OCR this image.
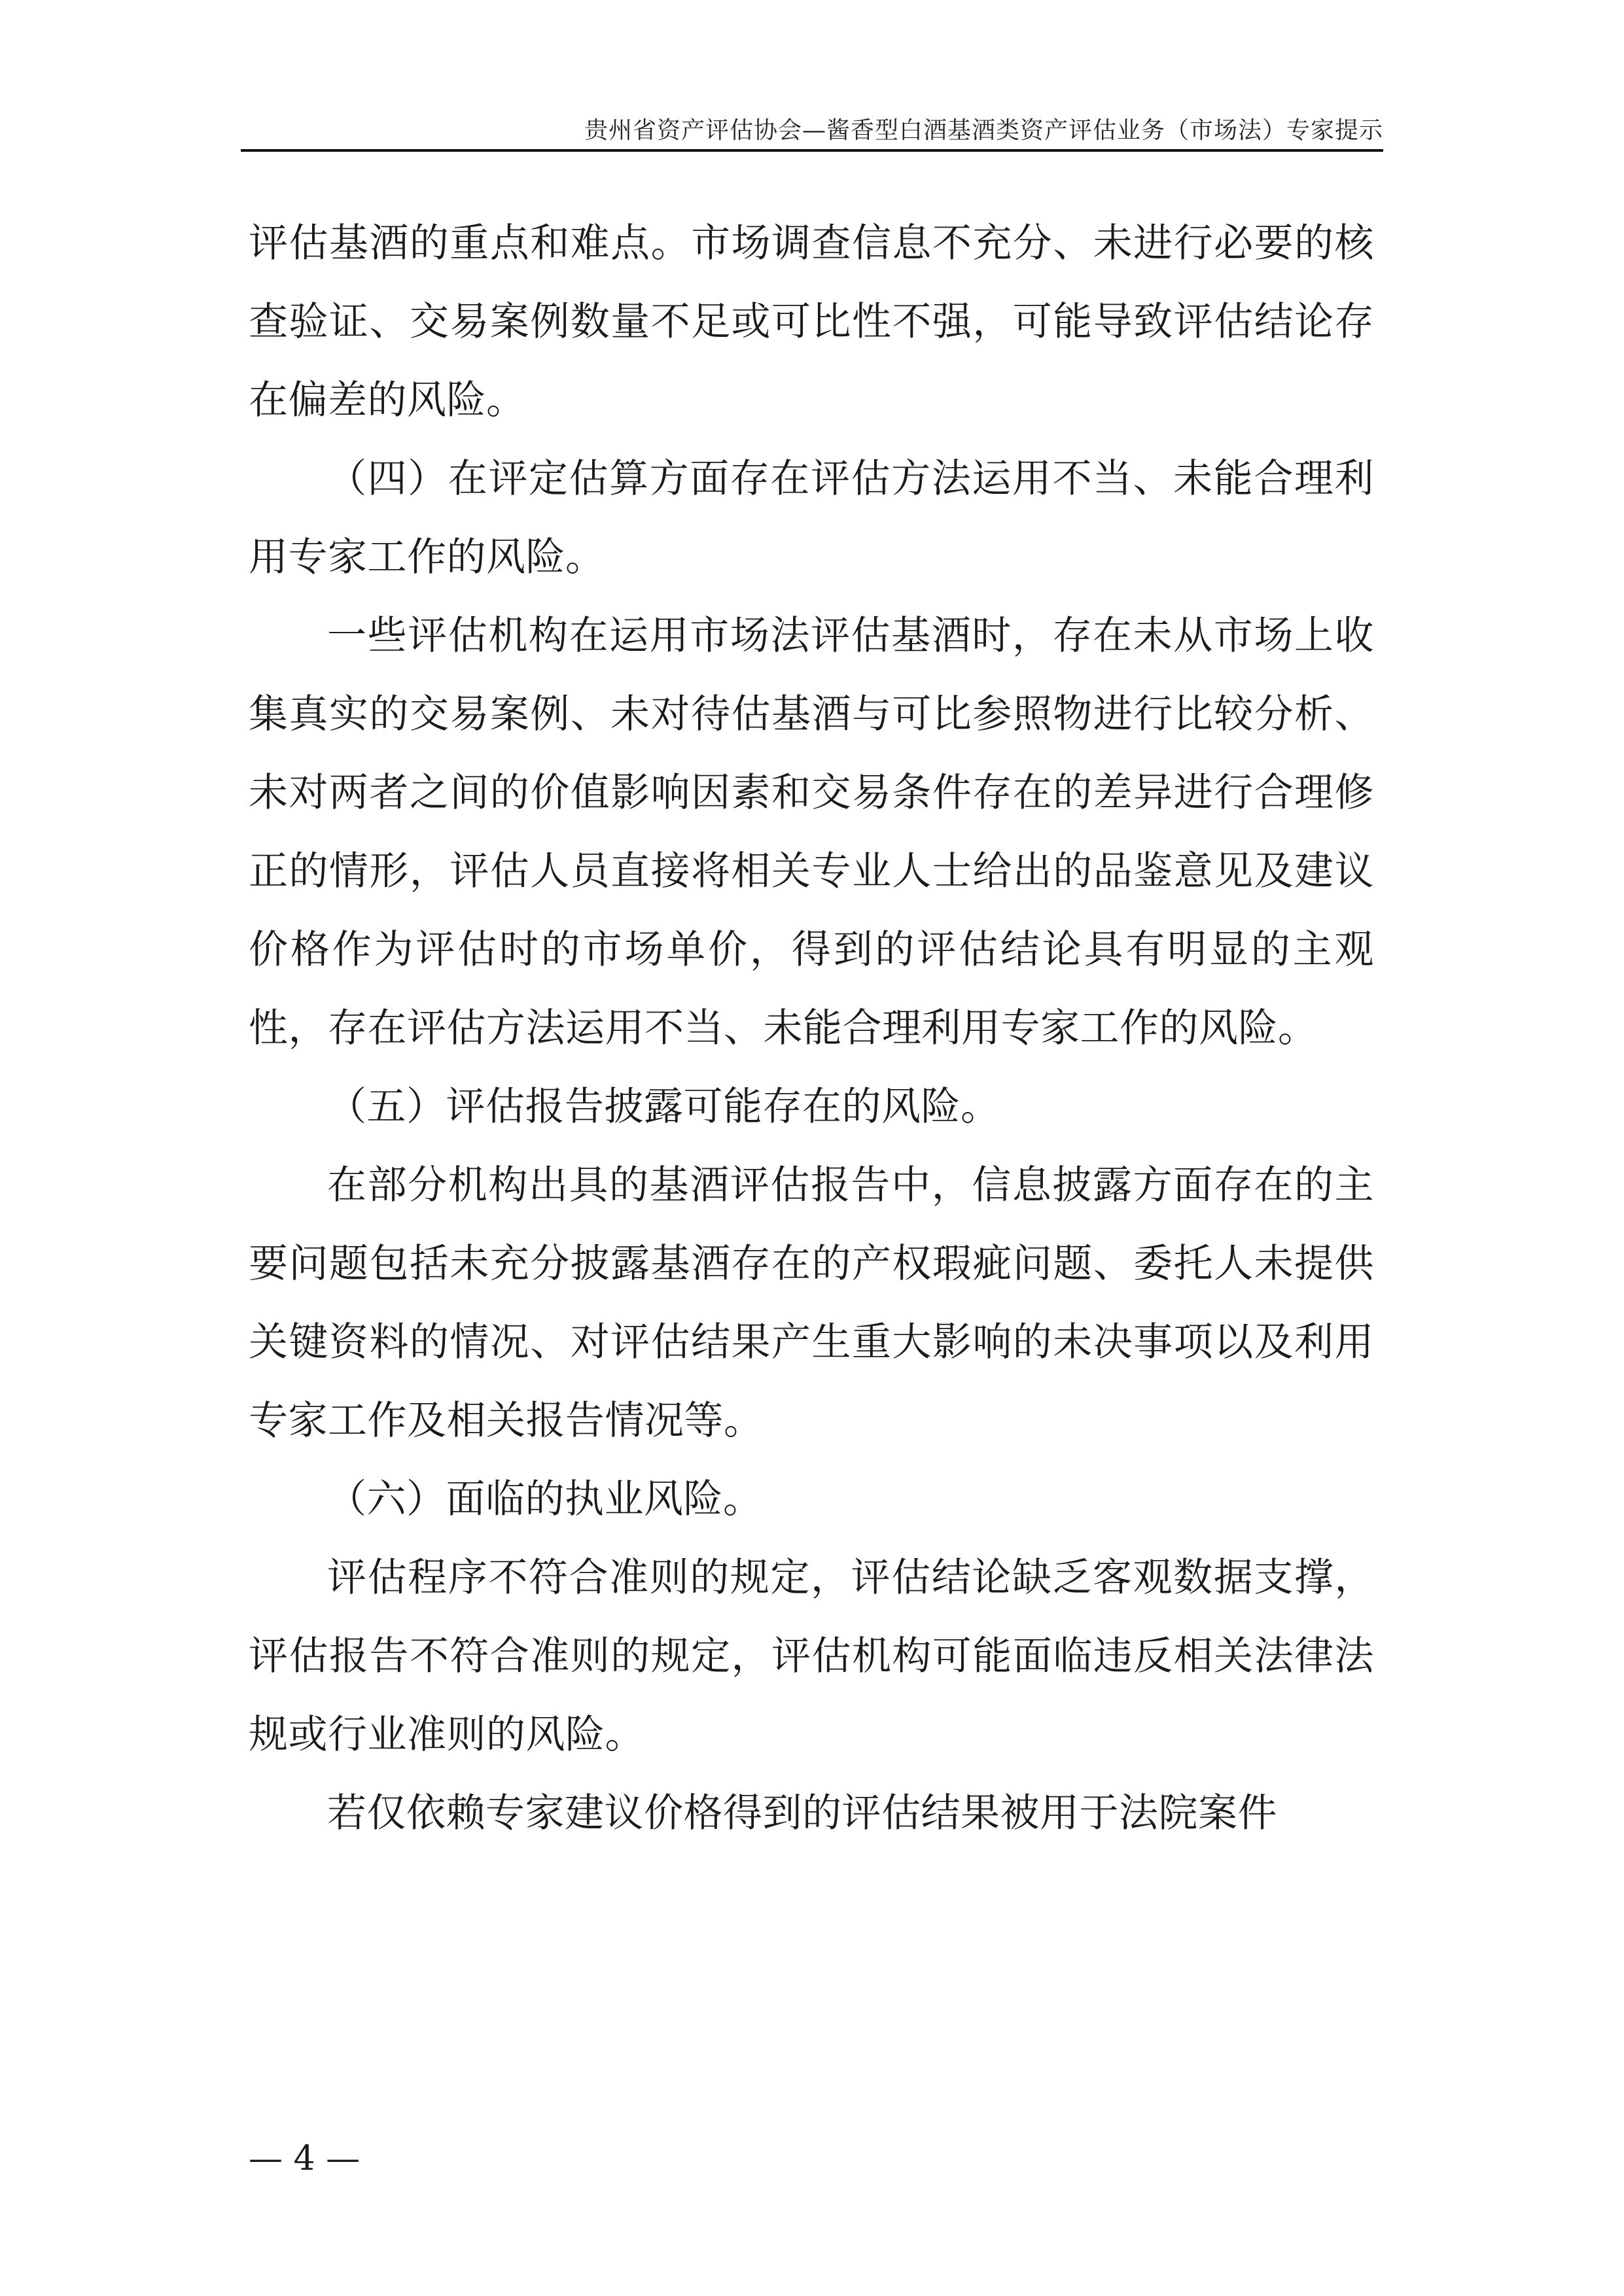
贵州省资产评估协会—酱香型白酒基酒类资产评估业务（市场法）专家提示

评估基酒的重点和难点。市场调查信息不充分、未进行必要的核查验证、交易案例数量不足或可比性不强，可能导致评估结论存在偏差的风险。

（四）在评定估算方面存在评估方法运用不当、未能合理利用专家工作的风险。

一些评估机构在运用市场法评估基酒时，存在未从市场上收集真实的交易案例、未对待估基酒与可比参照物进行比较分析、未对两者之间的价值影响因素和交易条件存在的差异进行合理修正的情形，评估人员直接将相关专业人士给出的品鉴意见及建议价格作为评估时的市场单价，得到的评估结论具有明显的主观性，存在评估方法运用不当、未能合理利用专家工作的风险。

（五）评估报告披露可能存在的风险。

在部分机构出具的基酒评估报告中，信息披露方面存在的主要问题包括未充分披露基酒存在的产权瑕疵问题、委托人未提供关键资料的情况、对评估结果产生重大影响的未决事项以及利用专家工作及相关报告情况等。

（六）面临的执业风险。

评估程序不符合准则的规定，评估结论缺乏客观数据支撑，评估报告不符合准则的规定，评估机构可能面临违反相关法律法规或行业准则的风险。

若仅依赖专家建议价格得到的评估结果被用于法院案件

— 4 —
